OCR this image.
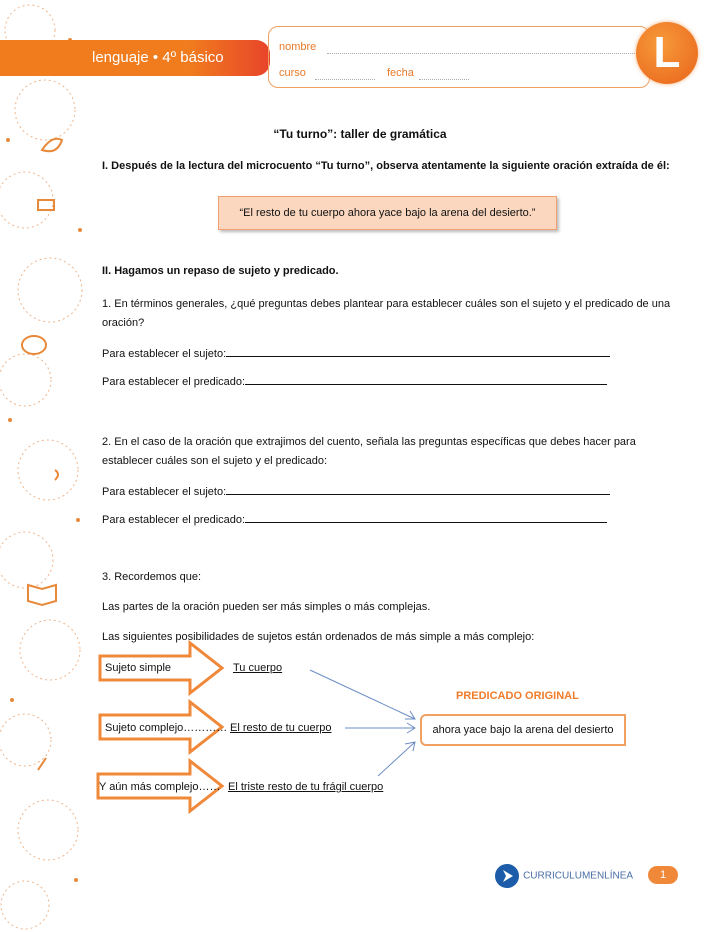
lenguaje • 4º básico
nombre
curso	fecha	L
“Tu turno”: taller de gramática
I. Después de la lectura del microcuento “Tu turno”, observa atentamente la siguiente oración extraída de él:
“El resto de tu cuerpo ahora yace bajo la arena del desierto.”
II. Hagamos un repaso de sujeto y predicado.
1. En términos generales, ¿qué preguntas debes plantear para establecer cuáles son el sujeto y el predicado de una oración?
Para establecer el sujeto:
Para establecer el predicado:
2. En el caso de la oración que extrajimos del cuento, señala las preguntas específicas que debes hacer para establecer cuáles son el sujeto y el predicado:
Para establecer el sujeto:
Para establecer el predicado:
3. Recordemos que:
Las partes de la oración pueden ser más simples o más complejas.
Las siguientes posibilidades de sujetos están ordenados de más simple a más complejo:
Sujeto simple	Tu cuerpo
Sujeto complejo………… El resto de tu cuerpo
Y aún más complejo…… El triste resto de tu frágil cuerpo
PREDICADO ORIGINAL
ahora yace bajo la arena del desierto
CURRICULUMENLÍNEA	1
